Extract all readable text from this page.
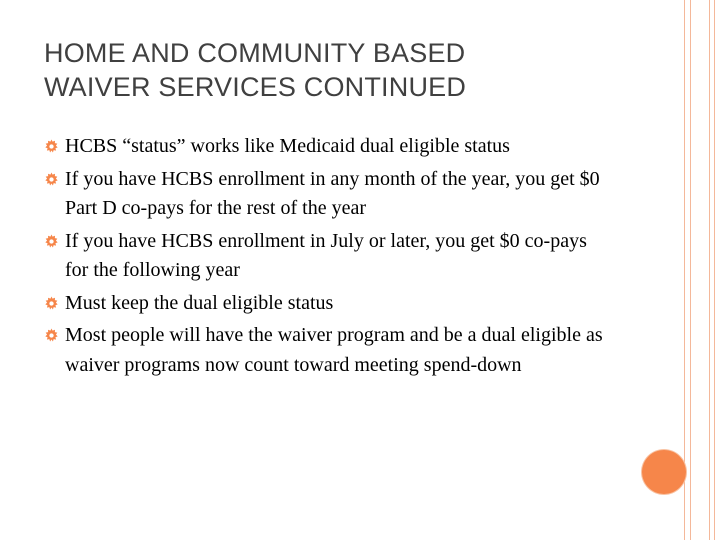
HOME AND COMMUNITY BASED
WAIVER SERVICES CONTINUED
HCBS “status” works like Medicaid dual eligible status
If you have HCBS enrollment in any month of the year, you get $0 Part D co-pays for the rest of the year
If you have HCBS enrollment in July or later, you get $0 co-pays for the following year
Must keep the dual eligible status
Most people will have the waiver program and be a dual eligible as waiver programs now count toward meeting spend-down
